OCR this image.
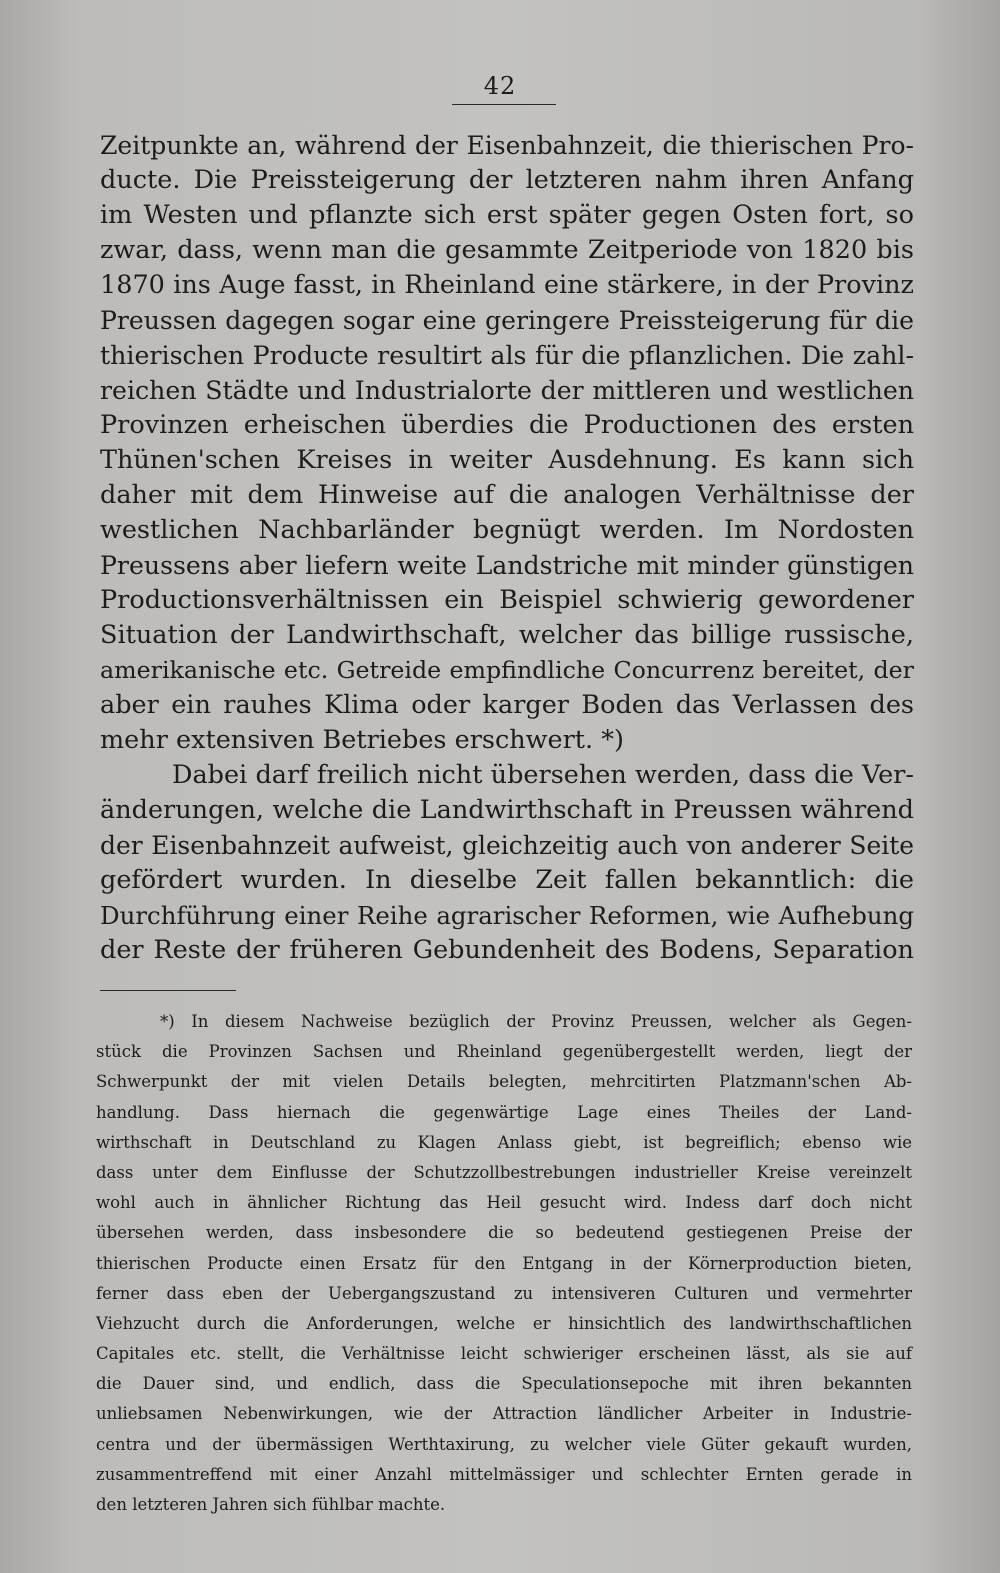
42
Zeitpunkte an, während der Eisenbahnzeit, die thierischen Pro-
ducte. Die Preissteigerung der letzteren nahm ihren Anfang
im Westen und pflanzte sich erst später gegen Osten fort, so
zwar, dass, wenn man die gesammte Zeitperiode von 1820 bis
1870 ins Auge fasst, in Rheinland eine stärkere, in der Provinz
Preussen dagegen sogar eine geringere Preissteigerung für die
thierischen Producte resultirt als für die pflanzlichen. Die zahl-
reichen Städte und Industrialorte der mittleren und westlichen
Provinzen erheischen überdies die Productionen des ersten
Thünen'schen Kreises in weiter Ausdehnung. Es kann sich
daher mit dem Hinweise auf die analogen Verhältnisse der
westlichen Nachbarländer begnügt werden. Im Nordosten
Preussens aber liefern weite Landstriche mit minder günstigen
Productionsverhältnissen ein Beispiel schwierig gewordener
Situation der Landwirthschaft, welcher das billige russische,
amerikanische etc. Getreide empfindliche Concurrenz bereitet, der
aber ein rauhes Klima oder karger Boden das Verlassen des
mehr extensiven Betriebes erschwert. *)
Dabei darf freilich nicht übersehen werden, dass die Ver-
änderungen, welche die Landwirthschaft in Preussen während
der Eisenbahnzeit aufweist, gleichzeitig auch von anderer Seite
gefördert wurden. In dieselbe Zeit fallen bekanntlich: die
Durchführung einer Reihe agrarischer Reformen, wie Aufhebung
der Reste der früheren Gebundenheit des Bodens, Separation
*) In diesem Nachweise bezüglich der Provinz Preussen, welcher als Gegen-
stück die Provinzen Sachsen und Rheinland gegenübergestellt werden, liegt der
Schwerpunkt der mit vielen Details belegten, mehrcitirten Platzmann'schen Ab-
handlung. Dass hiernach die gegenwärtige Lage eines Theiles der Land-
wirthschaft in Deutschland zu Klagen Anlass giebt, ist begreiflich; ebenso wie
dass unter dem Einflusse der Schutzzollbestrebungen industrieller Kreise vereinzelt
wohl auch in ähnlicher Richtung das Heil gesucht wird. Indess darf doch nicht
übersehen werden, dass insbesondere die so bedeutend gestiegenen Preise der
thierischen Producte einen Ersatz für den Entgang in der Körnerproduction bieten,
ferner dass eben der Uebergangszustand zu intensiveren Culturen und vermehrter
Viehzucht durch die Anforderungen, welche er hinsichtlich des landwirthschaftlichen
Capitales etc. stellt, die Verhältnisse leicht schwieriger erscheinen lässt, als sie auf
die Dauer sind, und endlich, dass die Speculationsepoche mit ihren bekannten
unliebsamen Nebenwirkungen, wie der Attraction ländlicher Arbeiter in Industrie-
centra und der übermässigen Werthtaxirung, zu welcher viele Güter gekauft wurden,
zusammentreffend mit einer Anzahl mittelmässiger und schlechter Ernten gerade in
den letzteren Jahren sich fühlbar machte.
